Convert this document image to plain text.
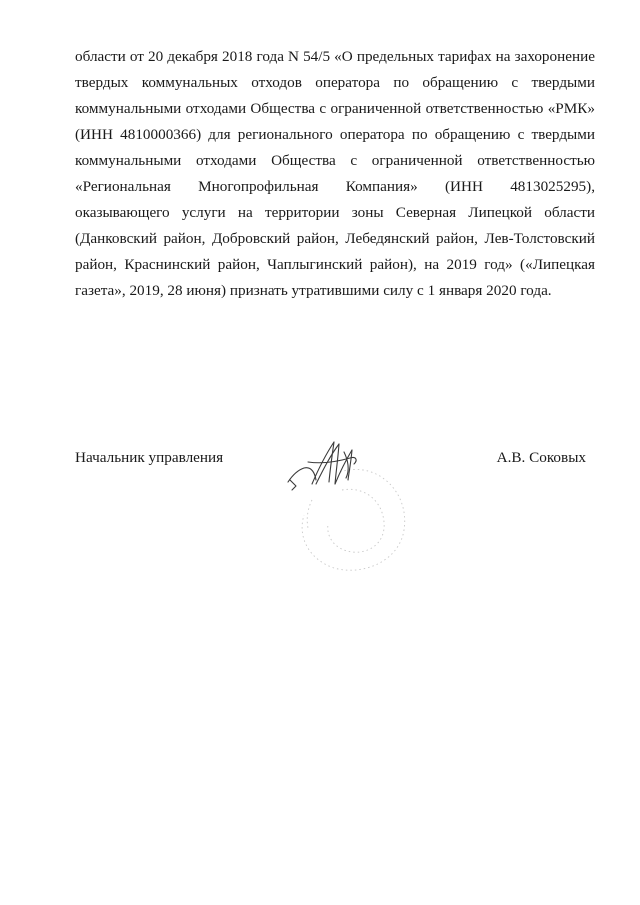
области от 20 декабря 2018 года N 54/5 «О предельных тарифах на захоронение
твердых коммунальных отходов оператора по обращению с твердыми
коммунальными отходами Общества с ограниченной ответственностью «РМК»
(ИНН 4810000366) для регионального оператора по обращению с твердыми
коммунальными отходами Общества с ограниченной ответственностью
«Региональная Многопрофильная Компания» (ИНН 4813025295),
оказывающего услуги на территории зоны Северная Липецкой области
(Данковский район, Добровский район, Лебедянский район, Лев-Толстовский
район, Краснинский район, Чаплыгинский район), на 2019 год» («Липецкая
газета», 2019, 28 июня) признать утратившими силу с 1 января 2020 года.
Начальник управления	А.В. Соковых
